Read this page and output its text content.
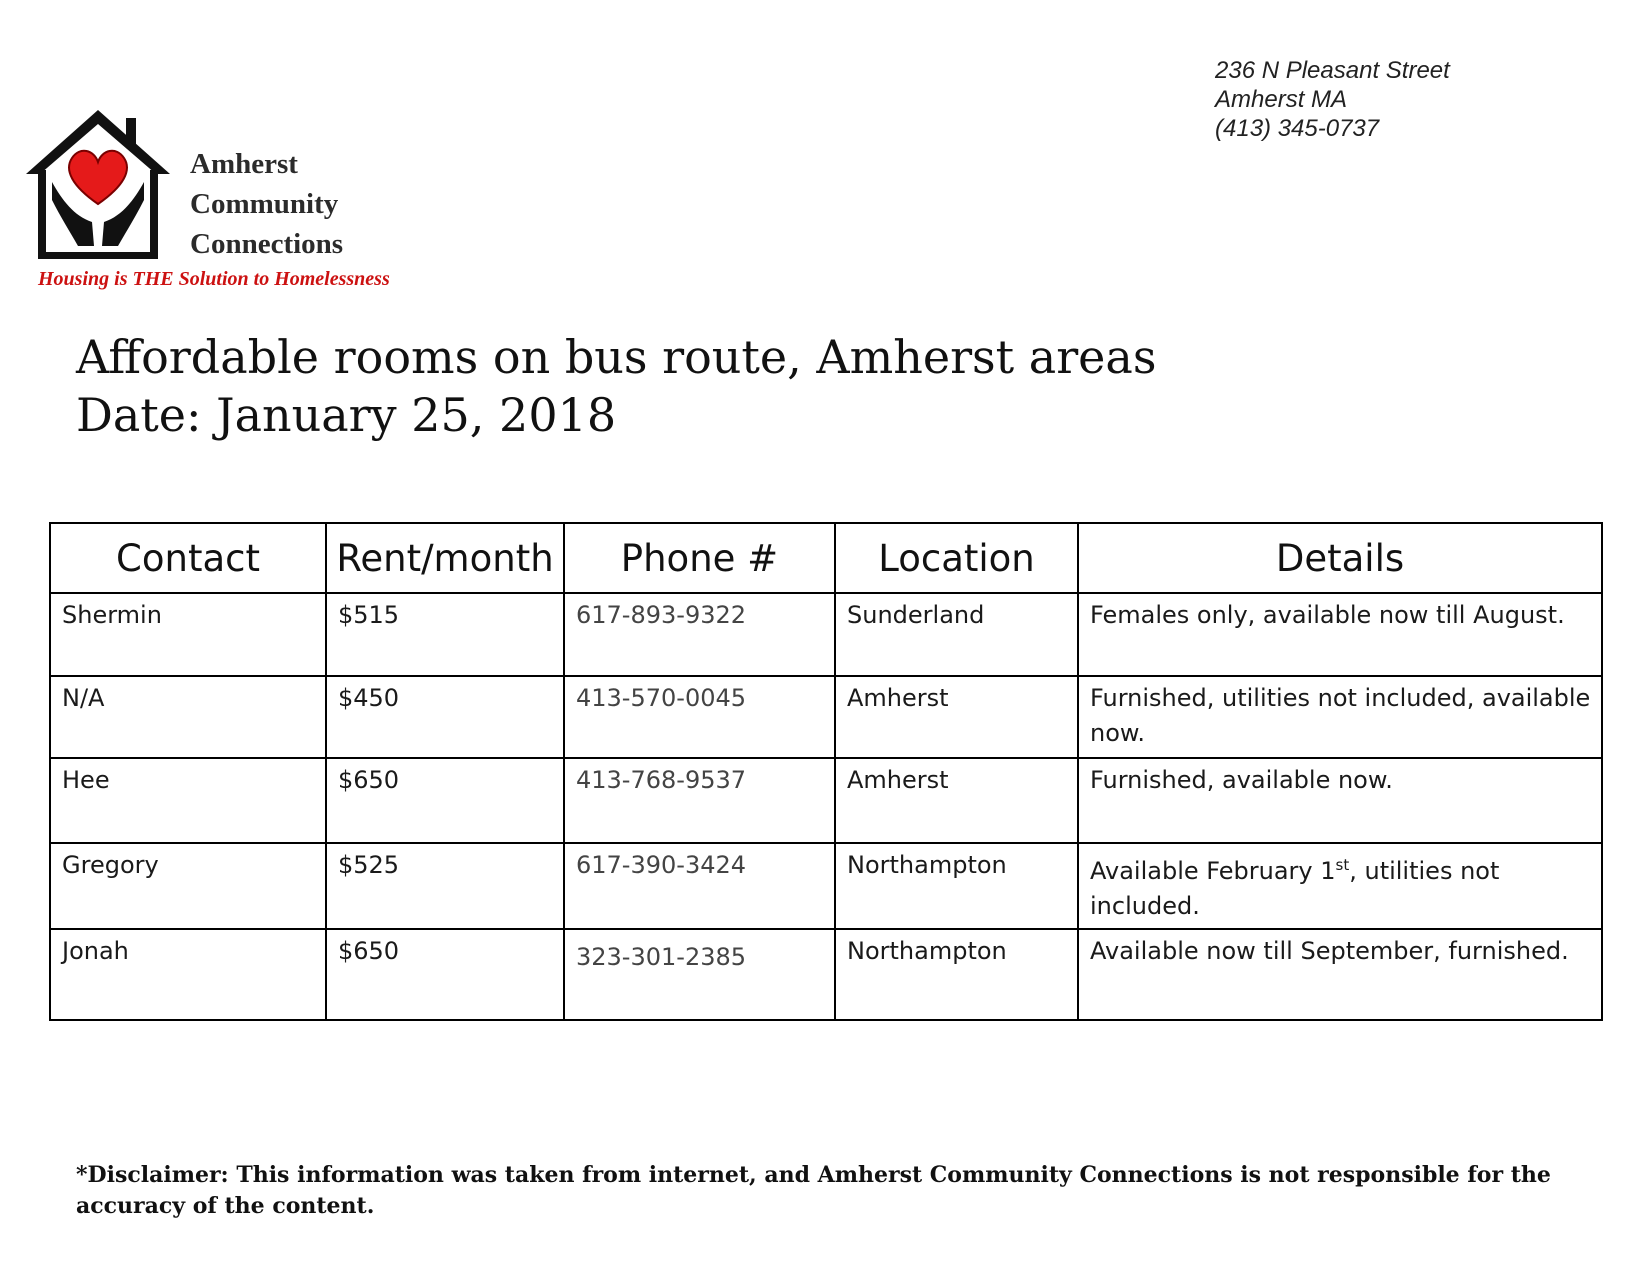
236 N Pleasant Street
Amherst MA
(413) 345-0737
Amherst
Community
Connections
Housing is THE Solution to Homelessness
Affordable rooms on bus route, Amherst areas
Date: January 25, 2018
Contact	Rent/month	Phone #	Location	Details
Shermin	$515	617-893-9322	Sunderland	Females only, available now till August.
N/A	$450	413-570-0045	Amherst	Furnished, utilities not included, available now.
Hee	$650	413-768-9537	Amherst	Furnished, available now.
Gregory	$525	617-390-3424	Northampton	Available February 1st, utilities not included.
Jonah	$650	323-301-2385	Northampton	Available now till September, furnished.
*Disclaimer: This information was taken from internet, and Amherst Community Connections is not responsible for the accuracy of the content.
